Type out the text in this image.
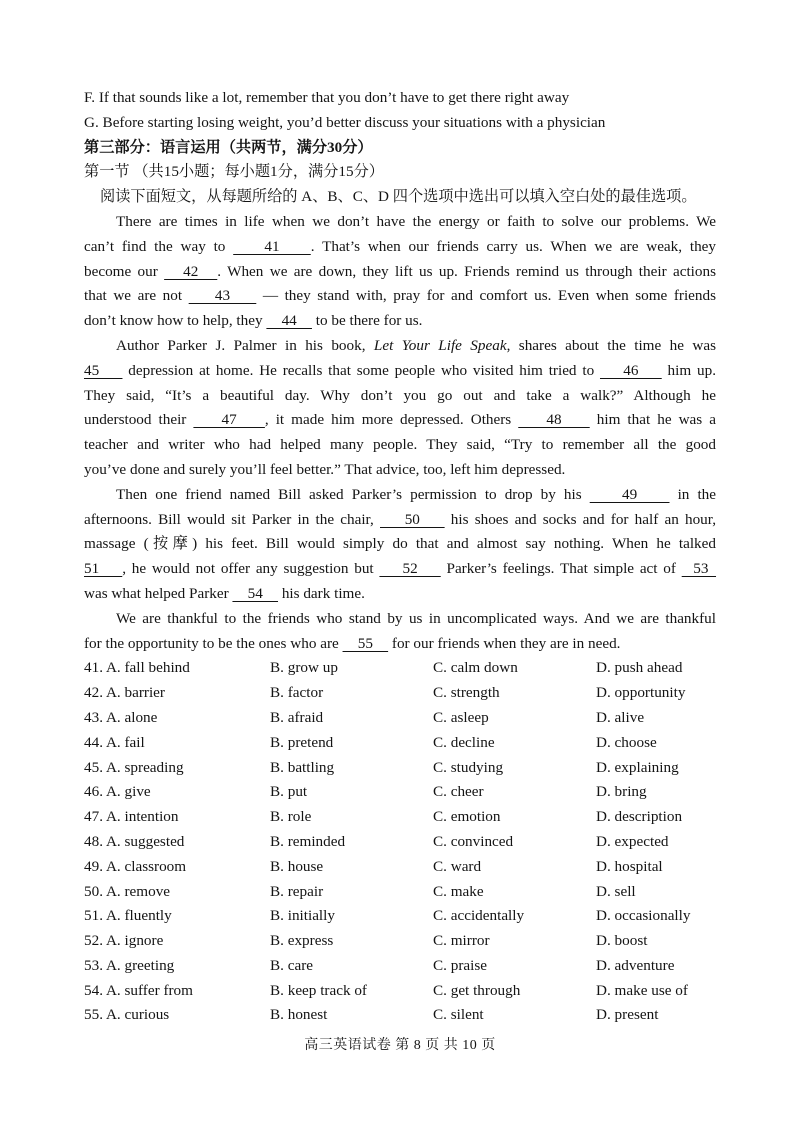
F. If that sounds like a lot, remember that you don’t have to get there right away
G. Before starting losing weight, you’d better discuss your situations with a physician
第三部分：语言运用（共两节，满分30分）
第一节 （共15小题；每小题1分，满分15分）
阅读下面短文，从每题所给的 A、B、C、D 四个选项中选出可以填入空白处的最佳选项。
There are times in life when we don’t have the energy or faith to solve our problems. We
can’t find the way to     41    . That’s when our friends carry us. When we are weak, they
become our    42   . When we are down, they lift us up. Friends remind us through their actions
that we are not     43     — they stand with, pray for and comfort us. Even when some friends
don’t know how to help, they     44     to be there for us.
Author Parker J. Palmer in his book, Let Your Life Speak, shares about the time he was
45     depression at home. He recalls that some people who visited him tried to     46     him up.
They said, “It’s a beautiful day. Why don’t you go out and take a walk?” Although he
understood their     47    , it made him more depressed. Others     48     him that he was a
teacher and writer who had helped many people. They said, “Try to remember all the good
you’ve done and surely you’ll feel better.” That advice, too, left him depressed.
Then one friend named Bill asked Parker’s permission to drop by his     49     in the
afternoons. Bill would sit Parker in the chair,     50     his shoes and socks and for half an hour,
massage (按摩) his feet. Bill would simply do that and almost say nothing. When he talked
51    , he would not offer any suggestion but     52     Parker’s feelings. That simple act of   53
was what helped Parker     54     his dark time.
We are thankful to the friends who stand by us in uncomplicated ways. And we are thankful
for the opportunity to be the ones who are     55     for our friends when they are in need.
41. A. fall behind	B. grow up	C. calm down	D. push ahead
42. A. barrier	B. factor	C. strength	D. opportunity
43. A. alone	B. afraid	C. asleep	D. alive
44. A. fail	B. pretend	C. decline	D. choose
45. A. spreading	B. battling	C. studying	D. explaining
46. A. give	B. put	C. cheer	D. bring
47. A. intention	B. role	C. emotion	D. description
48. A. suggested	B. reminded	C. convinced	D. expected
49. A. classroom	B. house	C. ward	D. hospital
50. A. remove	B. repair	C. make	D. sell
51. A. fluently	B. initially	C. accidentally	D. occasionally
52. A. ignore	B. express	C. mirror	D. boost
53. A. greeting	B. care	C. praise	D. adventure
54. A. suffer from	B. keep track of	C. get through	D. make use of
55. A. curious	B. honest	C. silent	D. present
高三英语试卷 第 8 页 共 10 页
